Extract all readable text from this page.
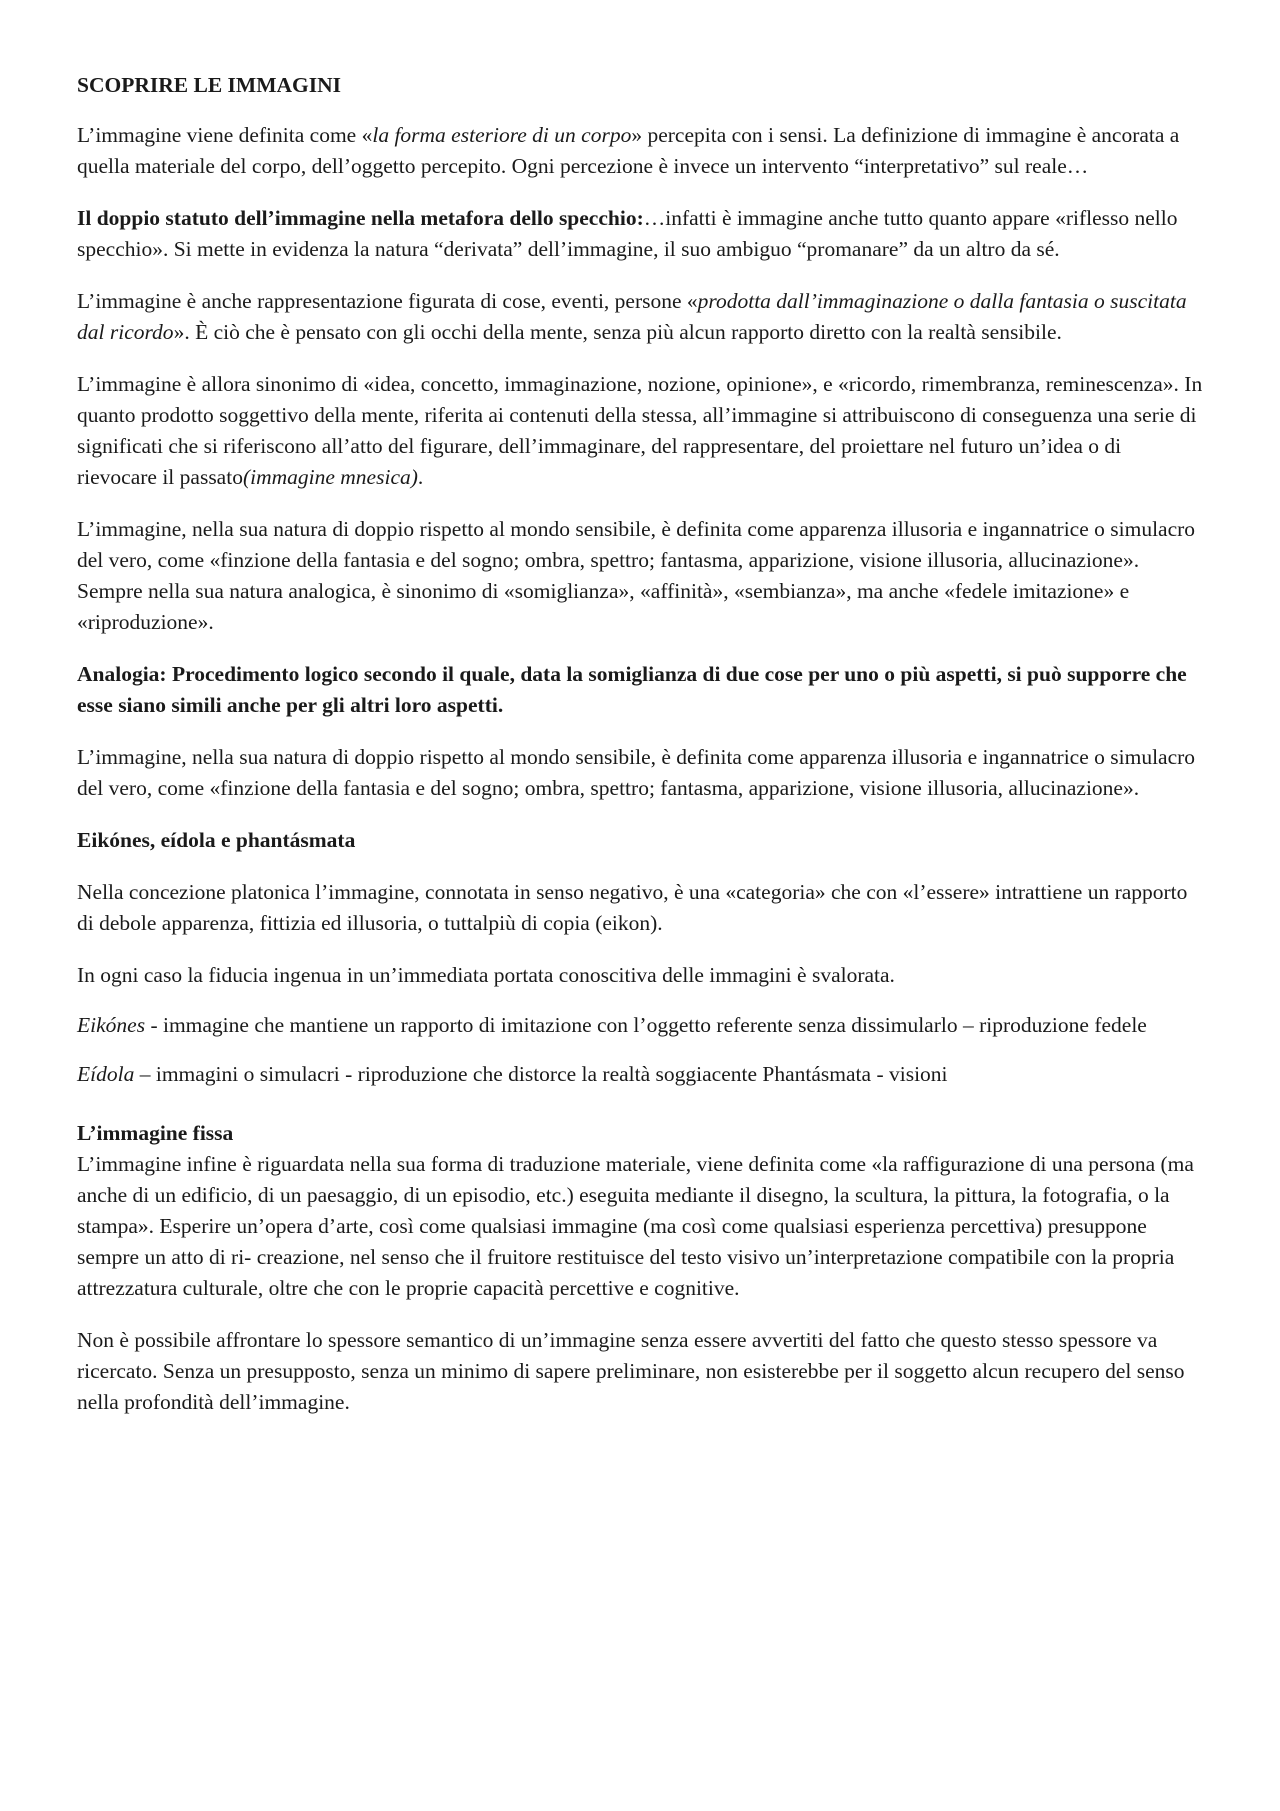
SCOPRIRE LE IMMAGINI

L’immagine viene definita come «la forma esteriore di un corpo» percepita con i sensi. La definizione di immagine è ancorata a quella materiale del corpo, dell’oggetto percepito. Ogni percezione è invece un intervento “interpretativo” sul reale…

Il doppio statuto dell’immagine nella metafora dello specchio:…infatti è immagine anche tutto quanto appare «riflesso nello specchio». Si mette in evidenza la natura “derivata” dell’immagine, il suo ambiguo “promanare” da un altro da sé.

L’immagine è anche rappresentazione figurata di cose, eventi, persone «prodotta dall’immaginazione o dalla fantasia o suscitata dal ricordo». È ciò che è pensato con gli occhi della mente, senza più alcun rapporto diretto con la realtà sensibile.

L’immagine è allora sinonimo di «idea, concetto, immaginazione, nozione, opinione», e «ricordo, rimembranza, reminescenza». In quanto prodotto soggettivo della mente, riferita ai contenuti della stessa, all’immagine si attribuiscono di conseguenza una serie di significati che si riferiscono all’atto del figurare, dell’immaginare, del rappresentare, del proiettare nel futuro un’idea o di rievocare il passato(immagine mnesica).

L’immagine, nella sua natura di doppio rispetto al mondo sensibile, è definita come apparenza illusoria e ingannatrice o simulacro del vero, come «finzione della fantasia e del sogno; ombra, spettro; fantasma, apparizione, visione illusoria, allucinazione». Sempre nella sua natura analogica, è sinonimo di «somiglianza», «affinità», «sembianza», ma anche «fedele imitazione» e «riproduzione».

Analogia: Procedimento logico secondo il quale, data la somiglianza di due cose per uno o più aspetti, si può supporre che esse siano simili anche per gli altri loro aspetti.

L’immagine, nella sua natura di doppio rispetto al mondo sensibile, è definita come apparenza illusoria e ingannatrice o simulacro del vero, come «finzione della fantasia e del sogno; ombra, spettro; fantasma, apparizione, visione illusoria, allucinazione».

Eikónes, eídola e phantásmata

Nella concezione platonica l’immagine, connotata in senso negativo, è una «categoria» che con «l’essere» intrattiene un rapporto di debole apparenza, fittizia ed illusoria, o tuttalpiù di copia (eikon).

In ogni caso la fiducia ingenua in un’immediata portata conoscitiva delle immagini è svalorata.

Eikónes - immagine che mantiene un rapporto di imitazione con l’oggetto referente senza dissimularlo – riproduzione fedele

Eídola – immagini o simulacri - riproduzione che distorce la realtà soggiacente Phantásmata - visioni

L’immagine fissa

L’immagine infine è riguardata nella sua forma di traduzione materiale, viene definita come «la raffigurazione di una persona (ma anche di un edificio, di un paesaggio, di un episodio, etc.) eseguita mediante il disegno, la scultura, la pittura, la fotografia, o la stampa». Esperire un’opera d’arte, così come qualsiasi immagine (ma così come qualsiasi esperienza percettiva) presuppone sempre un atto di ri- creazione, nel senso che il fruitore restituisce del testo visivo un’interpretazione compatibile con la propria attrezzatura culturale, oltre che con le proprie capacità percettive e cognitive.

Non è possibile affrontare lo spessore semantico di un’immagine senza essere avvertiti del fatto che questo stesso spessore va ricercato. Senza un presupposto, senza un minimo di sapere preliminare, non esisterebbe per il soggetto alcun recupero del senso nella profondità dell’immagine.
